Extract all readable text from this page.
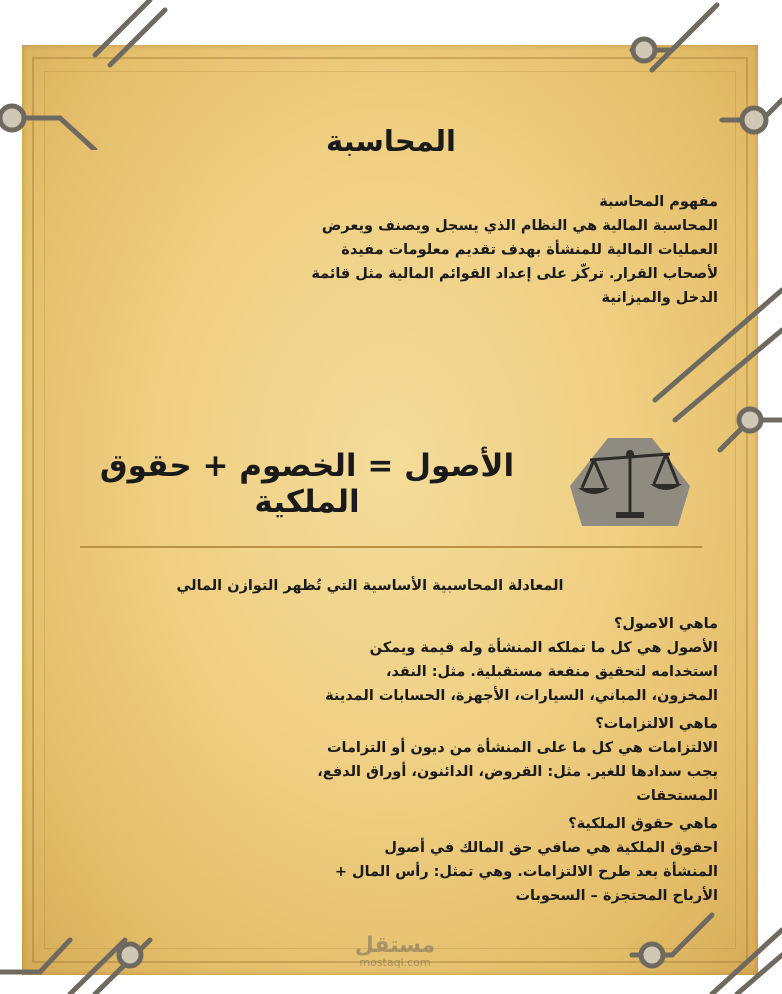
المحاسبة
مفهوم المحاسبة
المحاسبة المالية هي النظام الذي يسجل ويصنف ويعرض
العمليات المالية للمنشأة بهدف تقديم معلومات مفيدة
لأصحاب القرار. تركّز على إعداد القوائم المالية مثل قائمة
الدخل والميزانية
الأصول = الخصوم + حقوق الملكية
المعادلة المحاسبية الأساسية التي تُظهر التوازن المالي
ماهي الاصول؟
الأصول هي كل ما تملكه المنشأة وله قيمة ويمكن
استخدامه لتحقيق منفعة مستقبلية. مثل: النقد،
المخزون، المباني، السيارات، الأجهزة، الحسابات المدينة
ماهي الالتزامات؟
الالتزامات هي كل ما على المنشأة من ديون أو التزامات
يجب سدادها للغير. مثل: القروض، الدائنون، أوراق الدفع،
المستحقات
ماهي حقوق الملكية؟
احقوق الملكية هي صافي حق المالك في أصول
المنشأة بعد طرح الالتزامات. وهي تمثل: رأس المال +
الأرباح المحتجزة – السحوبات
مستقل
mostaql.com
